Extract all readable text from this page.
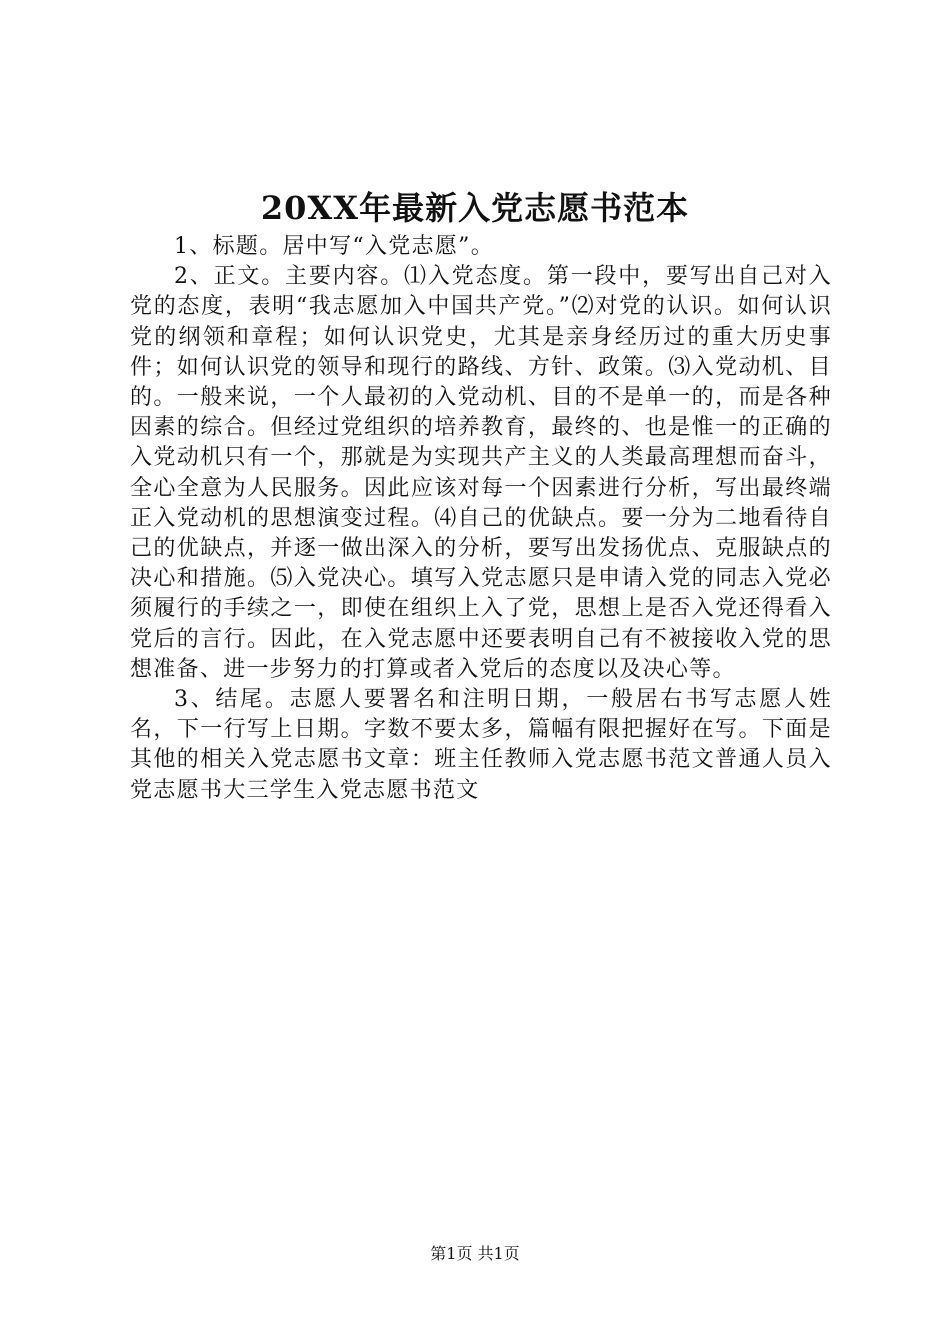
20XX年最新入党志愿书范本

1、标题。居中写“入党志愿”。

2、正文。主要内容。⑴入党态度。第一段中，要写出自己对入党的态度，表明“我志愿加入中国共产党。”⑵对党的认识。如何认识党的纲领和章程；如何认识党史，尤其是亲身经历过的重大历史事件；如何认识党的领导和现行的路线、方针、政策。⑶入党动机、目的。一般来说，一个人最初的入党动机、目的不是单一的，而是各种因素的综合。但经过党组织的培养教育，最终的、也是惟一的正确的入党动机只有一个，那就是为实现共产主义的人类最高理想而奋斗，全心全意为人民服务。因此应该对每一个因素进行分析，写出最终端正入党动机的思想演变过程。⑷自己的优缺点。要一分为二地看待自己的优缺点，并逐一做出深入的分析，要写出发扬优点、克服缺点的决心和措施。⑸入党决心。填写入党志愿只是申请入党的同志入党必须履行的手续之一，即使在组织上入了党，思想上是否入党还得看入党后的言行。因此，在入党志愿中还要表明自己有不被接收入党的思想准备、进一步努力的打算或者入党后的态度以及决心等。

3、结尾。志愿人要署名和注明日期，一般居右书写志愿人姓名，下一行写上日期。字数不要太多，篇幅有限把握好在写。下面是其他的相关入党志愿书文章：班主任教师入党志愿书范文普通人员入党志愿书大三学生入党志愿书范文

第1页 共1页
